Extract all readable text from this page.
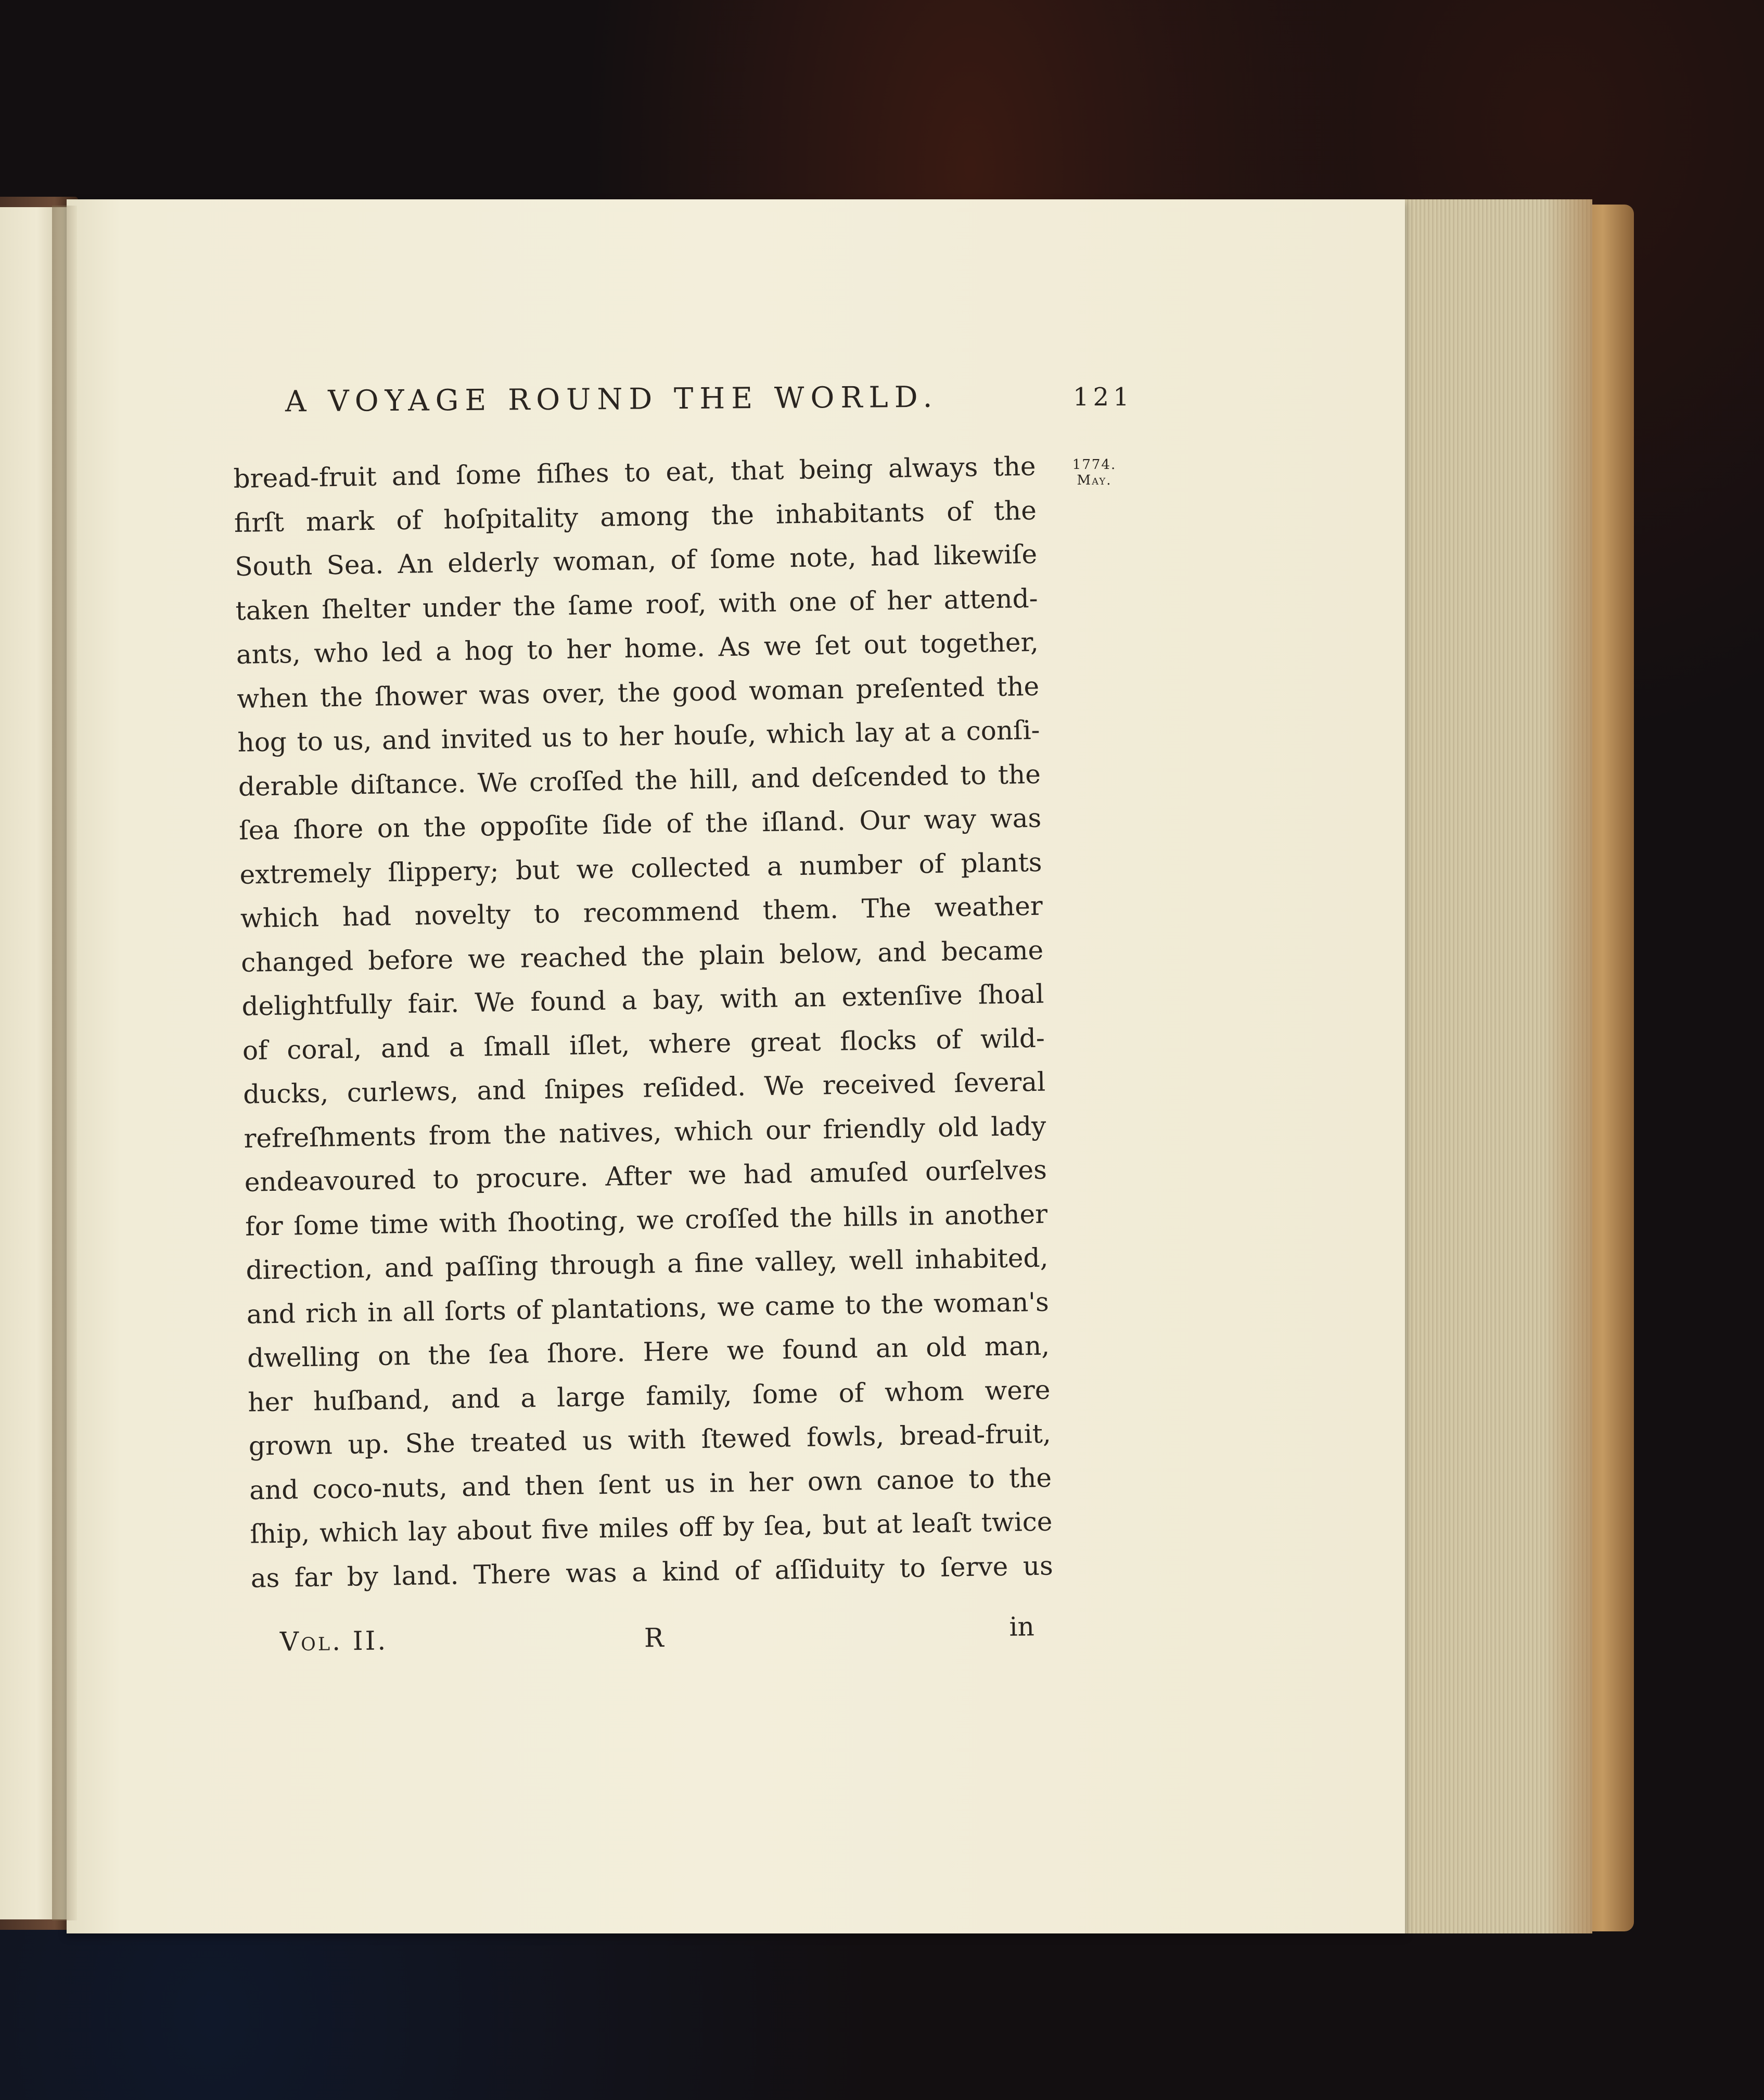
A VOYAGE ROUND THE WORLD.	121
1774.
May.
bread-fruit and ſome fiſhes to eat, that being always the
firſt mark of hoſpitality among the inhabitants of the
South Sea. An elderly woman, of ſome note, had likewiſe
taken ſhelter under the ſame roof, with one of her attend-
ants, who led a hog to her home. As we ſet out together,
when the ſhower was over, the good woman preſented the
hog to us, and invited us to her houſe, which lay at a conſi-
derable diſtance. We croſſed the hill, and deſcended to the
ſea ſhore on the oppoſite ſide of the iſland. Our way was
extremely ſlippery; but we collected a number of plants
which had novelty to recommend them. The weather
changed before we reached the plain below, and became
delightfully fair. We found a bay, with an extenſive ſhoal
of coral, and a ſmall iſlet, where great flocks of wild-
ducks, curlews, and ſnipes reſided. We received ſeveral
refreſhments from the natives, which our friendly old lady
endeavoured to procure. After we had amuſed ourſelves
for ſome time with ſhooting, we croſſed the hills in another
direction, and paſſing through a fine valley, well inhabited,
and rich in all ſorts of plantations, we came to the woman's
dwelling on the ſea ſhore. Here we found an old man,
her huſband, and a large family, ſome of whom were
grown up. She treated us with ſtewed fowls, bread-fruit,
and coco-nuts, and then ſent us in her own canoe to the
ſhip, which lay about five miles off by ſea, but at leaſt twice
as far by land. There was a kind of aſſiduity to ſerve us
Vol. II.	R	in
